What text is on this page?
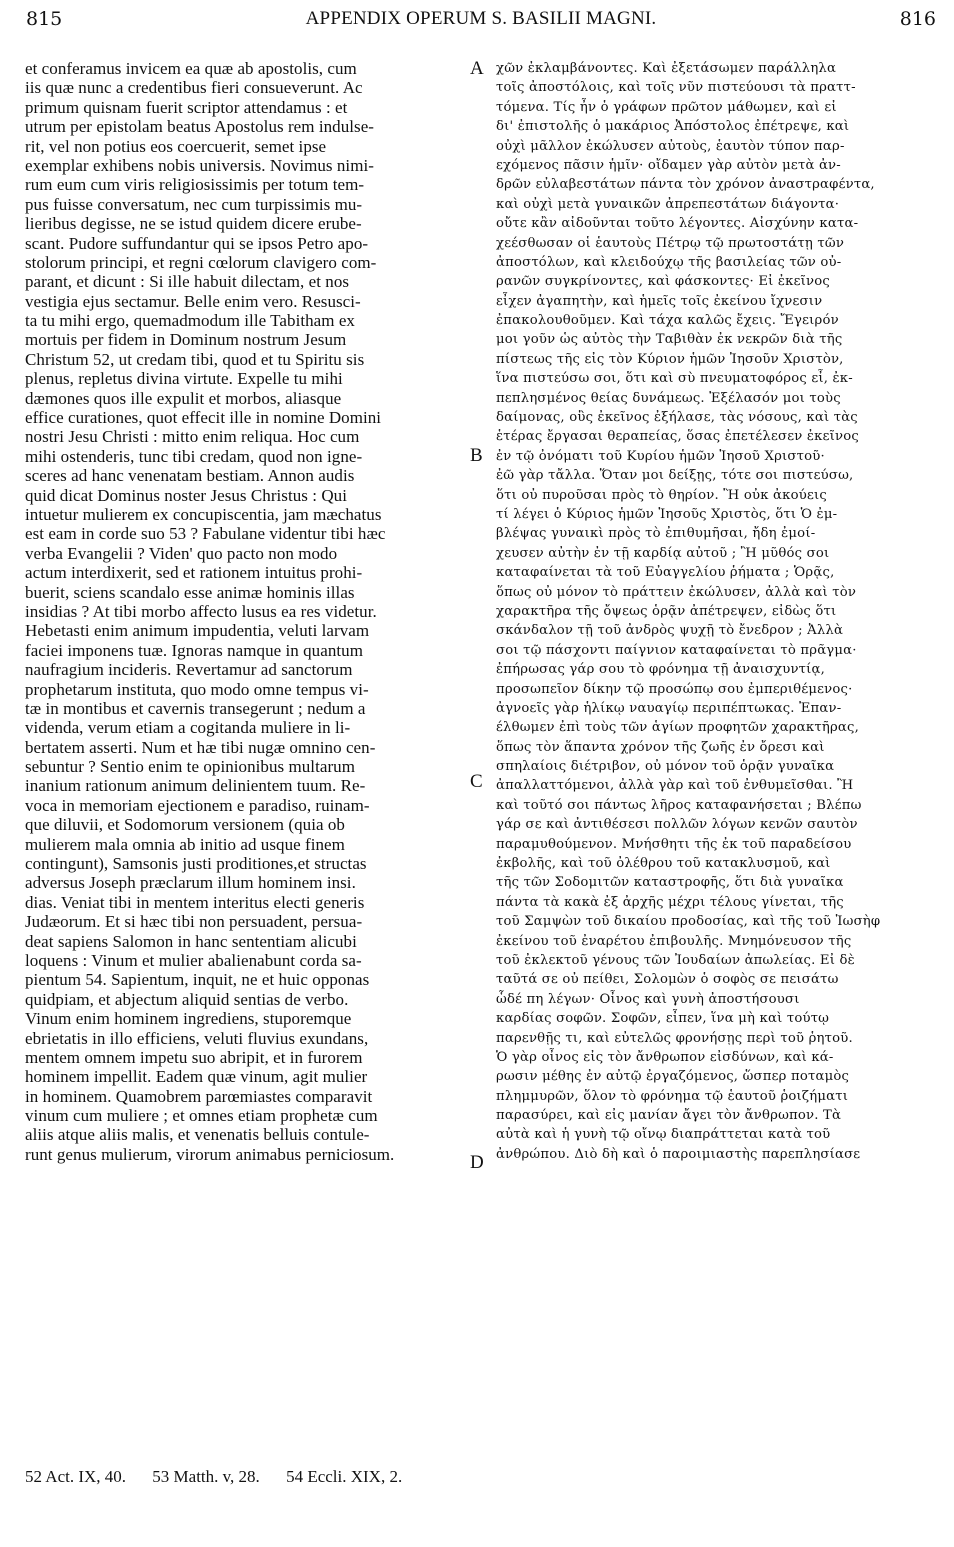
815	APPENDIX OPERUM S. BASILII MAGNI.	816
et conferamus invicem ea quæ ab apostolis, cum
iis quæ nunc a credentibus fieri consueverunt. Ac
primum quisnam fuerit scriptor attendamus : et
utrum per epistolam beatus Apostolus rem indulse-
rit, vel non potius eos coercuerit, semet ipse
exemplar exhibens nobis universis. Novimus nimi-
rum eum cum viris religiosissimis per totum tem-
pus fuisse conversatum, nec cum turpissimis mu-
lieribus degisse, ne se istud quidem dicere erube-
scant. Pudore suffundantur qui se ipsos Petro apo-
stolorum principi, et regni cœlorum clavigero com-
parant, et dicunt : Si ille habuit dilectam, et nos
vestigia ejus sectamur. Belle enim vero. Resusci-
ta tu mihi ergo, quemadmodum ille Tabitham ex
mortuis per fidem in Dominum nostrum Jesum
Christum 52, ut credam tibi, quod et tu Spiritu sis
plenus, repletus divina virtute. Expelle tu mihi
dæmones quos ille expulit et morbos, aliasque
effice curationes, quot effecit ille in nomine Domini
nostri Jesu Christi : mitto enim reliqua. Hoc cum
mihi ostenderis, tunc tibi credam, quod non igne-
sceres ad hanc venenatam bestiam. Annon audis
quid dicat Dominus noster Jesus Christus : Qui
intuetur mulierem ex concupiscentia, jam mæchatus
est eam in corde suo 53 ? Fabulane videntur tibi hæc
verba Evangelii ? Viden' quo pacto non modo
actum interdixerit, sed et rationem intuitus prohi-
buerit, sciens scandalo esse animæ hominis illas
insidias ? At tibi morbo affecto lusus ea res videtur.
Hebetasti enim animum impudentia, veluti larvam
faciei imponens tuæ. Ignoras namque in quantum
naufragium incideris. Revertamur ad sanctorum
prophetarum instituta, quo modo omne tempus vi-
tæ in montibus et cavernis transegerunt ; nedum a
videnda, verum etiam a cogitanda muliere in li-
bertatem asserti. Num et hæ tibi nugæ omnino cen-
sebuntur ? Sentio enim te opinionibus multarum
inanium rationum animum delinientem tuum. Re-
voca in memoriam ejectionem e paradiso, ruinam-
que diluvii, et Sodomorum versionem (quia ob
mulierem mala omnia ab initio ad usque finem
contingunt), Samsonis justi proditiones,et structas
adversus Joseph præclarum illum hominem insi.
dias. Veniat tibi in mentem interitus electi generis
Judæorum. Et si hæc tibi non persuadent, persua-
deat sapiens Salomon in hanc sententiam alicubi
loquens : Vinum et mulier abalienabunt corda sa-
pientum 54. Sapientum, inquit, ne et huic opponas
quidpiam, et abjectum aliquid sentias de verbo.
Vinum enim hominem ingrediens, stuporemque
ebrietatis in illo efficiens, veluti fluvius exundans,
mentem omnem impetu suo abripit, et in furorem
hominem impellit. Eadem quæ vinum, agit mulier
in hominem. Quamobrem parœmiastes comparavit
vinum cum muliere ; et omnes etiam prophetæ cum
aliis atque aliis malis, et venenatis belluis contule-
runt genus mulierum, virorum animabus perniciosum.
χῶν ἐκλαμβάνοντες. Καὶ ἐξετάσωμεν παράλληλα
τοῖς ἀποστόλοις, καὶ τοῖς νῦν πιστεύουσι τὰ πραττ-
τόμενα. Τίς ἦν ὁ γράφων πρῶτον μάθωμεν, καὶ εἰ
δι' ἐπιστολῆς ὁ μακάριος Ἀπόστολος ἐπέτρεψε, καὶ
οὐχὶ μᾶλλον ἐκώλυσεν αὐτοὺς, ἑαυτὸν τύπον παρ-
εχόμενος πᾶσιν ἡμῖν· οἴδαμεν γὰρ αὐτὸν μετὰ ἀν-
δρῶν εὐλαβεστάτων πάντα τὸν χρόνον ἀναστραφέντα,
καὶ οὐχὶ μετὰ γυναικῶν ἀπρεπεστάτων διάγοντα·
οὔτε κἂν αἰδοῦνται τοῦτο λέγοντες. Αἰσχύνην κατα-
χεέσθωσαν οἱ ἑαυτοὺς Πέτρῳ τῷ πρωτοστάτῃ τῶν
ἀποστόλων, καὶ κλειδούχῳ τῆς βασιλείας τῶν οὐ-
ρανῶν συγκρίνοντες, καὶ φάσκοντες· Εἰ ἐκεῖνος
εἶχεν ἀγαπητὴν, καὶ ἡμεῖς τοῖς ἐκείνου ἴχνεσιν
ἐπακολουθοῦμεν. Καὶ τάχα καλῶς ἔχεις. Ἔγειρόν
μοι γοῦν ὡς αὐτὸς τὴν Ταβιθὰν ἐκ νεκρῶν διὰ τῆς
πίστεως τῆς εἰς τὸν Κύριον ἡμῶν Ἰησοῦν Χριστὸν,
ἵνα πιστεύσω σοι, ὅτι καὶ σὺ πνευματοφόρος εἶ, ἐκ-
πεπλησμένος θείας δυνάμεως. Ἐξέλασόν μοι τοὺς
δαίμονας, οὓς ἐκεῖνος ἐξήλασε, τὰς νόσους, καὶ τὰς
ἑτέρας ἔργασαι θεραπείας, ὅσας ἐπετέλεσεν ἐκεῖνος
ἐν τῷ ὀνόματι τοῦ Κυρίου ἡμῶν Ἰησοῦ Χριστοῦ·
ἐῶ γὰρ τἄλλα. Ὅταν μοι δείξῃς, τότε σοι πιστεύσω,
ὅτι οὐ πυροῦσαι πρὸς τὸ θηρίον. Ἢ οὐκ ἀκούεις
τί λέγει ὁ Κύριος ἡμῶν Ἰησοῦς Χριστὸς, ὅτι Ὁ ἐμ-
βλέψας γυναικὶ πρὸς τὸ ἐπιθυμῆσαι, ἤδη ἐμοί-
χευσεν αὐτὴν ἐν τῇ καρδίᾳ αὐτοῦ ; Ἢ μῦθός σοι
καταφαίνεται τὰ τοῦ Εὐαγγελίου ῥήματα ; Ὁρᾷς,
ὅπως οὐ μόνον τὸ πράττειν ἐκώλυσεν, ἀλλὰ καὶ τὸν
χαρακτῆρα τῆς ὄψεως ὁρᾷν ἀπέτρεψεν, εἰδὼς ὅτι
σκάνδαλον τῇ τοῦ ἀνδρὸς ψυχῇ τὸ ἔνεδρον ; Ἀλλὰ
σοι τῷ πάσχοντι παίγνιον καταφαίνεται τὸ πρᾶγμα·
ἐπήρωσας γάρ σου τὸ φρόνημα τῇ ἀναισχυντίᾳ,
προσωπεῖον δίκην τῷ προσώπῳ σου ἐμπεριθέμενος·
ἀγνοεῖς γὰρ ἡλίκῳ ναυαγίῳ περιπέπτωκας. Ἐπαν-
έλθωμεν ἐπὶ τοὺς τῶν ἁγίων προφητῶν χαρακτῆρας,
ὅπως τὸν ἅπαντα χρόνον τῆς ζωῆς ἐν ὄρεσι καὶ
σπηλαίοις διέτριβον, οὐ μόνον τοῦ ὁρᾷν γυναῖκα
ἀπαλλαττόμενοι, ἀλλὰ γὰρ καὶ τοῦ ἐνθυμεῖσθαι. Ἢ
καὶ τοῦτό σοι πάντως λῆρος καταφανήσεται ; Βλέπω
γάρ σε καὶ ἀντιθέσεσι πολλῶν λόγων κενῶν σαυτὸν
παραμυθούμενον. Μνήσθητι τῆς ἐκ τοῦ παραδείσου
ἐκβολῆς, καὶ τοῦ ὀλέθρου τοῦ κατακλυσμοῦ, καὶ
τῆς τῶν Σοδομιτῶν καταστροφῆς, ὅτι διὰ γυναῖκα
πάντα τὰ κακὰ ἐξ ἀρχῆς μέχρι τέλους γίνεται, τῆς
τοῦ Σαμψὼν τοῦ δικαίου προδοσίας, καὶ τῆς τοῦ Ἰωσὴφ
ἐκείνου τοῦ ἐναρέτου ἐπιβουλῆς. Μνημόνευσον τῆς
τοῦ ἐκλεκτοῦ γένους τῶν Ἰουδαίων ἀπωλείας. Εἰ δὲ
ταῦτά σε οὐ πείθει, Σολομὼν ὁ σοφὸς σε πεισάτω
ὧδέ πη λέγων· Οἶνος καὶ γυνὴ ἀποστήσουσι
καρδίας σοφῶν. Σοφῶν, εἶπεν, ἵνα μὴ καὶ τούτῳ
παρενθῇς τι, καὶ εὐτελῶς φρονήσῃς περὶ τοῦ ῥητοῦ.
Ὁ γὰρ οἶνος εἰς τὸν ἄνθρωπον εἰσδύνων, καὶ κά-
ρωσιν μέθης ἐν αὐτῷ ἐργαζόμενος, ὥσπερ ποταμὸς
πλημμυρῶν, ὅλον τὸ φρόνημα τῷ ἑαυτοῦ ῥοιζήματι
παρασύρει, καὶ εἰς μανίαν ἄγει τὸν ἄνθρωπον. Τὰ
αὐτὰ καὶ ἡ γυνὴ τῷ οἴνῳ διαπράττεται κατὰ τοῦ
ἀνθρώπου. Διὸ δὴ καὶ ὁ παροιμιαστὴς παρεπλησίασε
A
B
C
D
52 Act. IX, 40. 53 Matth. v, 28. 54 Eccli. XIX, 2.
